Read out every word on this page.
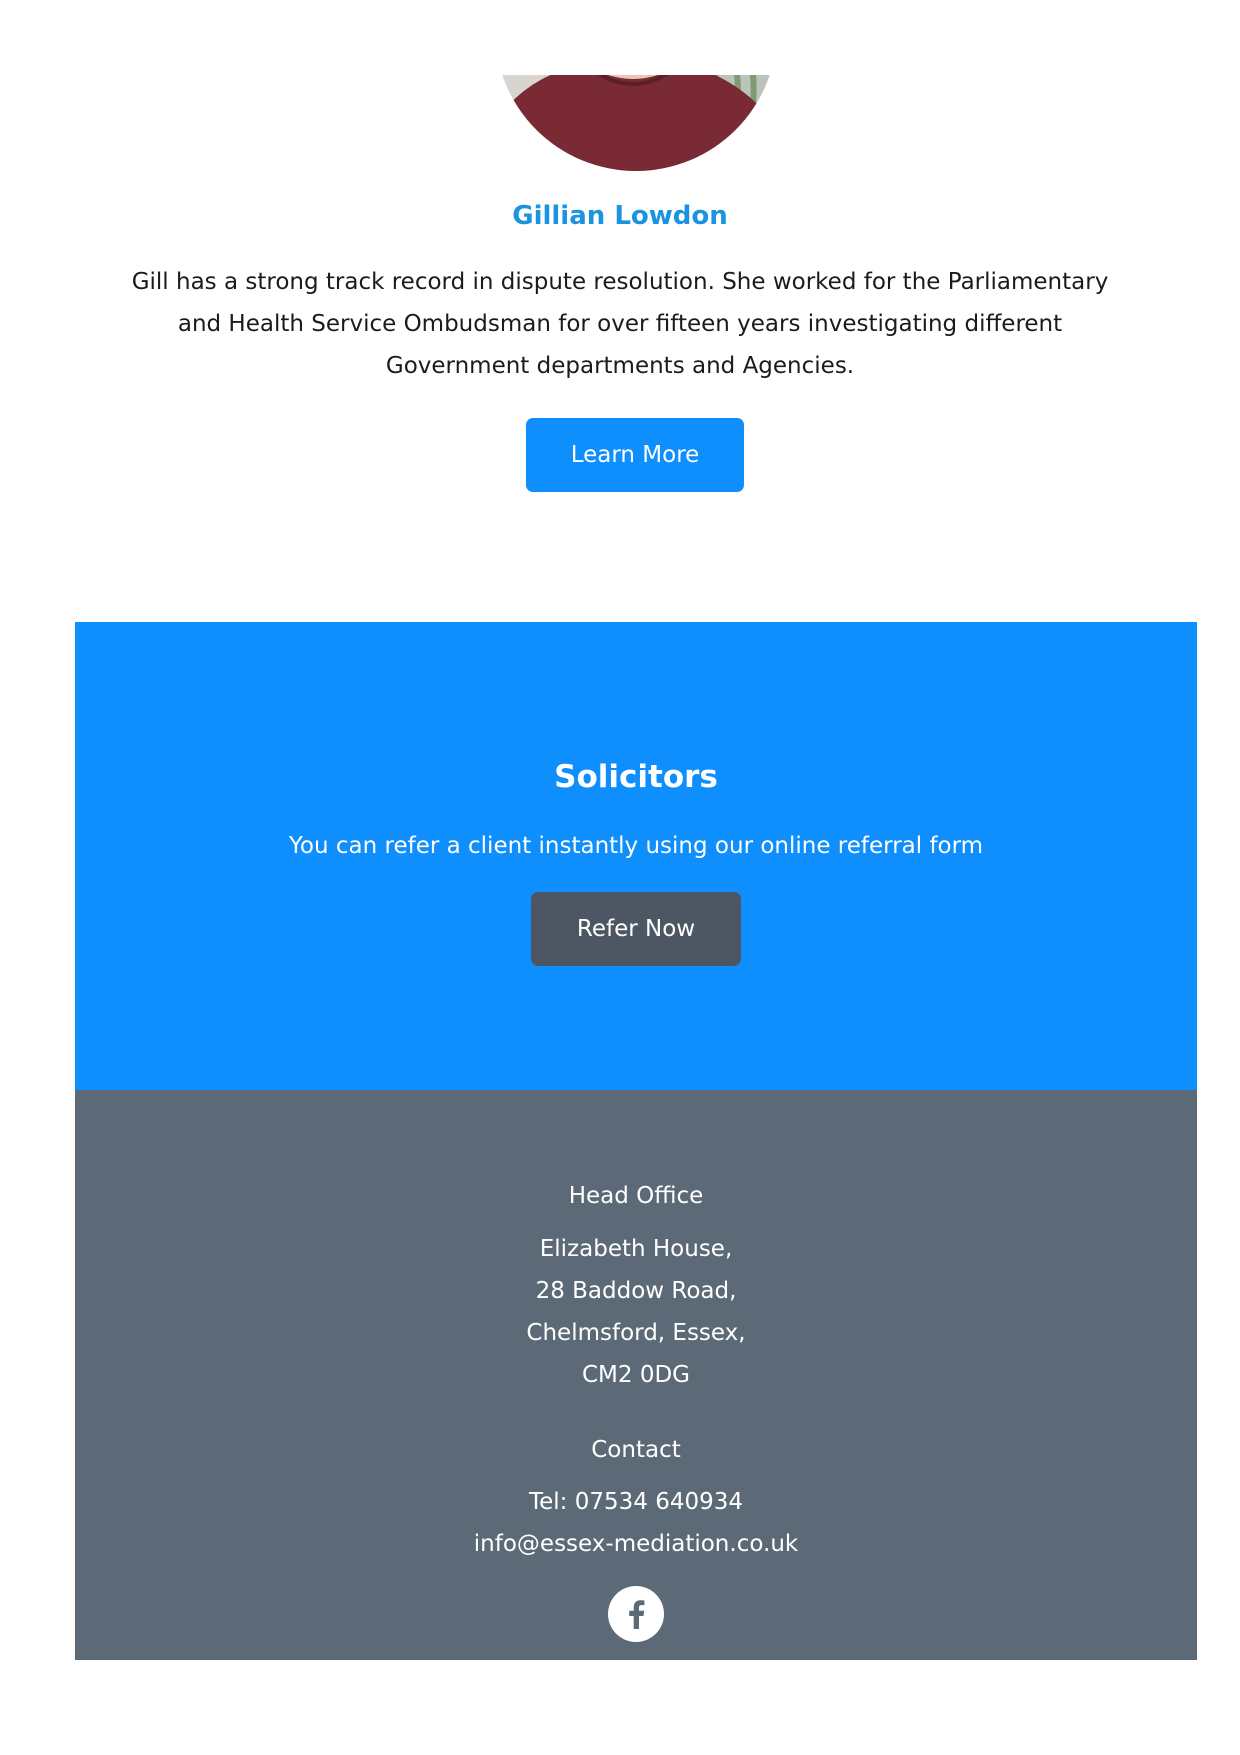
Gillian Lowdon
Gill has a strong track record in dispute resolution. She worked for the Parliamentary and Health Service Ombudsman for over fifteen years investigating different Government departments and Agencies.
Learn More
Solicitors
You can refer a client instantly using our online referral form
Refer Now
Head Office
Elizabeth House,
28 Baddow Road,
Chelmsford, Essex,
CM2 0DG
Contact
Tel: 07534 640934
info@essex-mediation.co.uk
